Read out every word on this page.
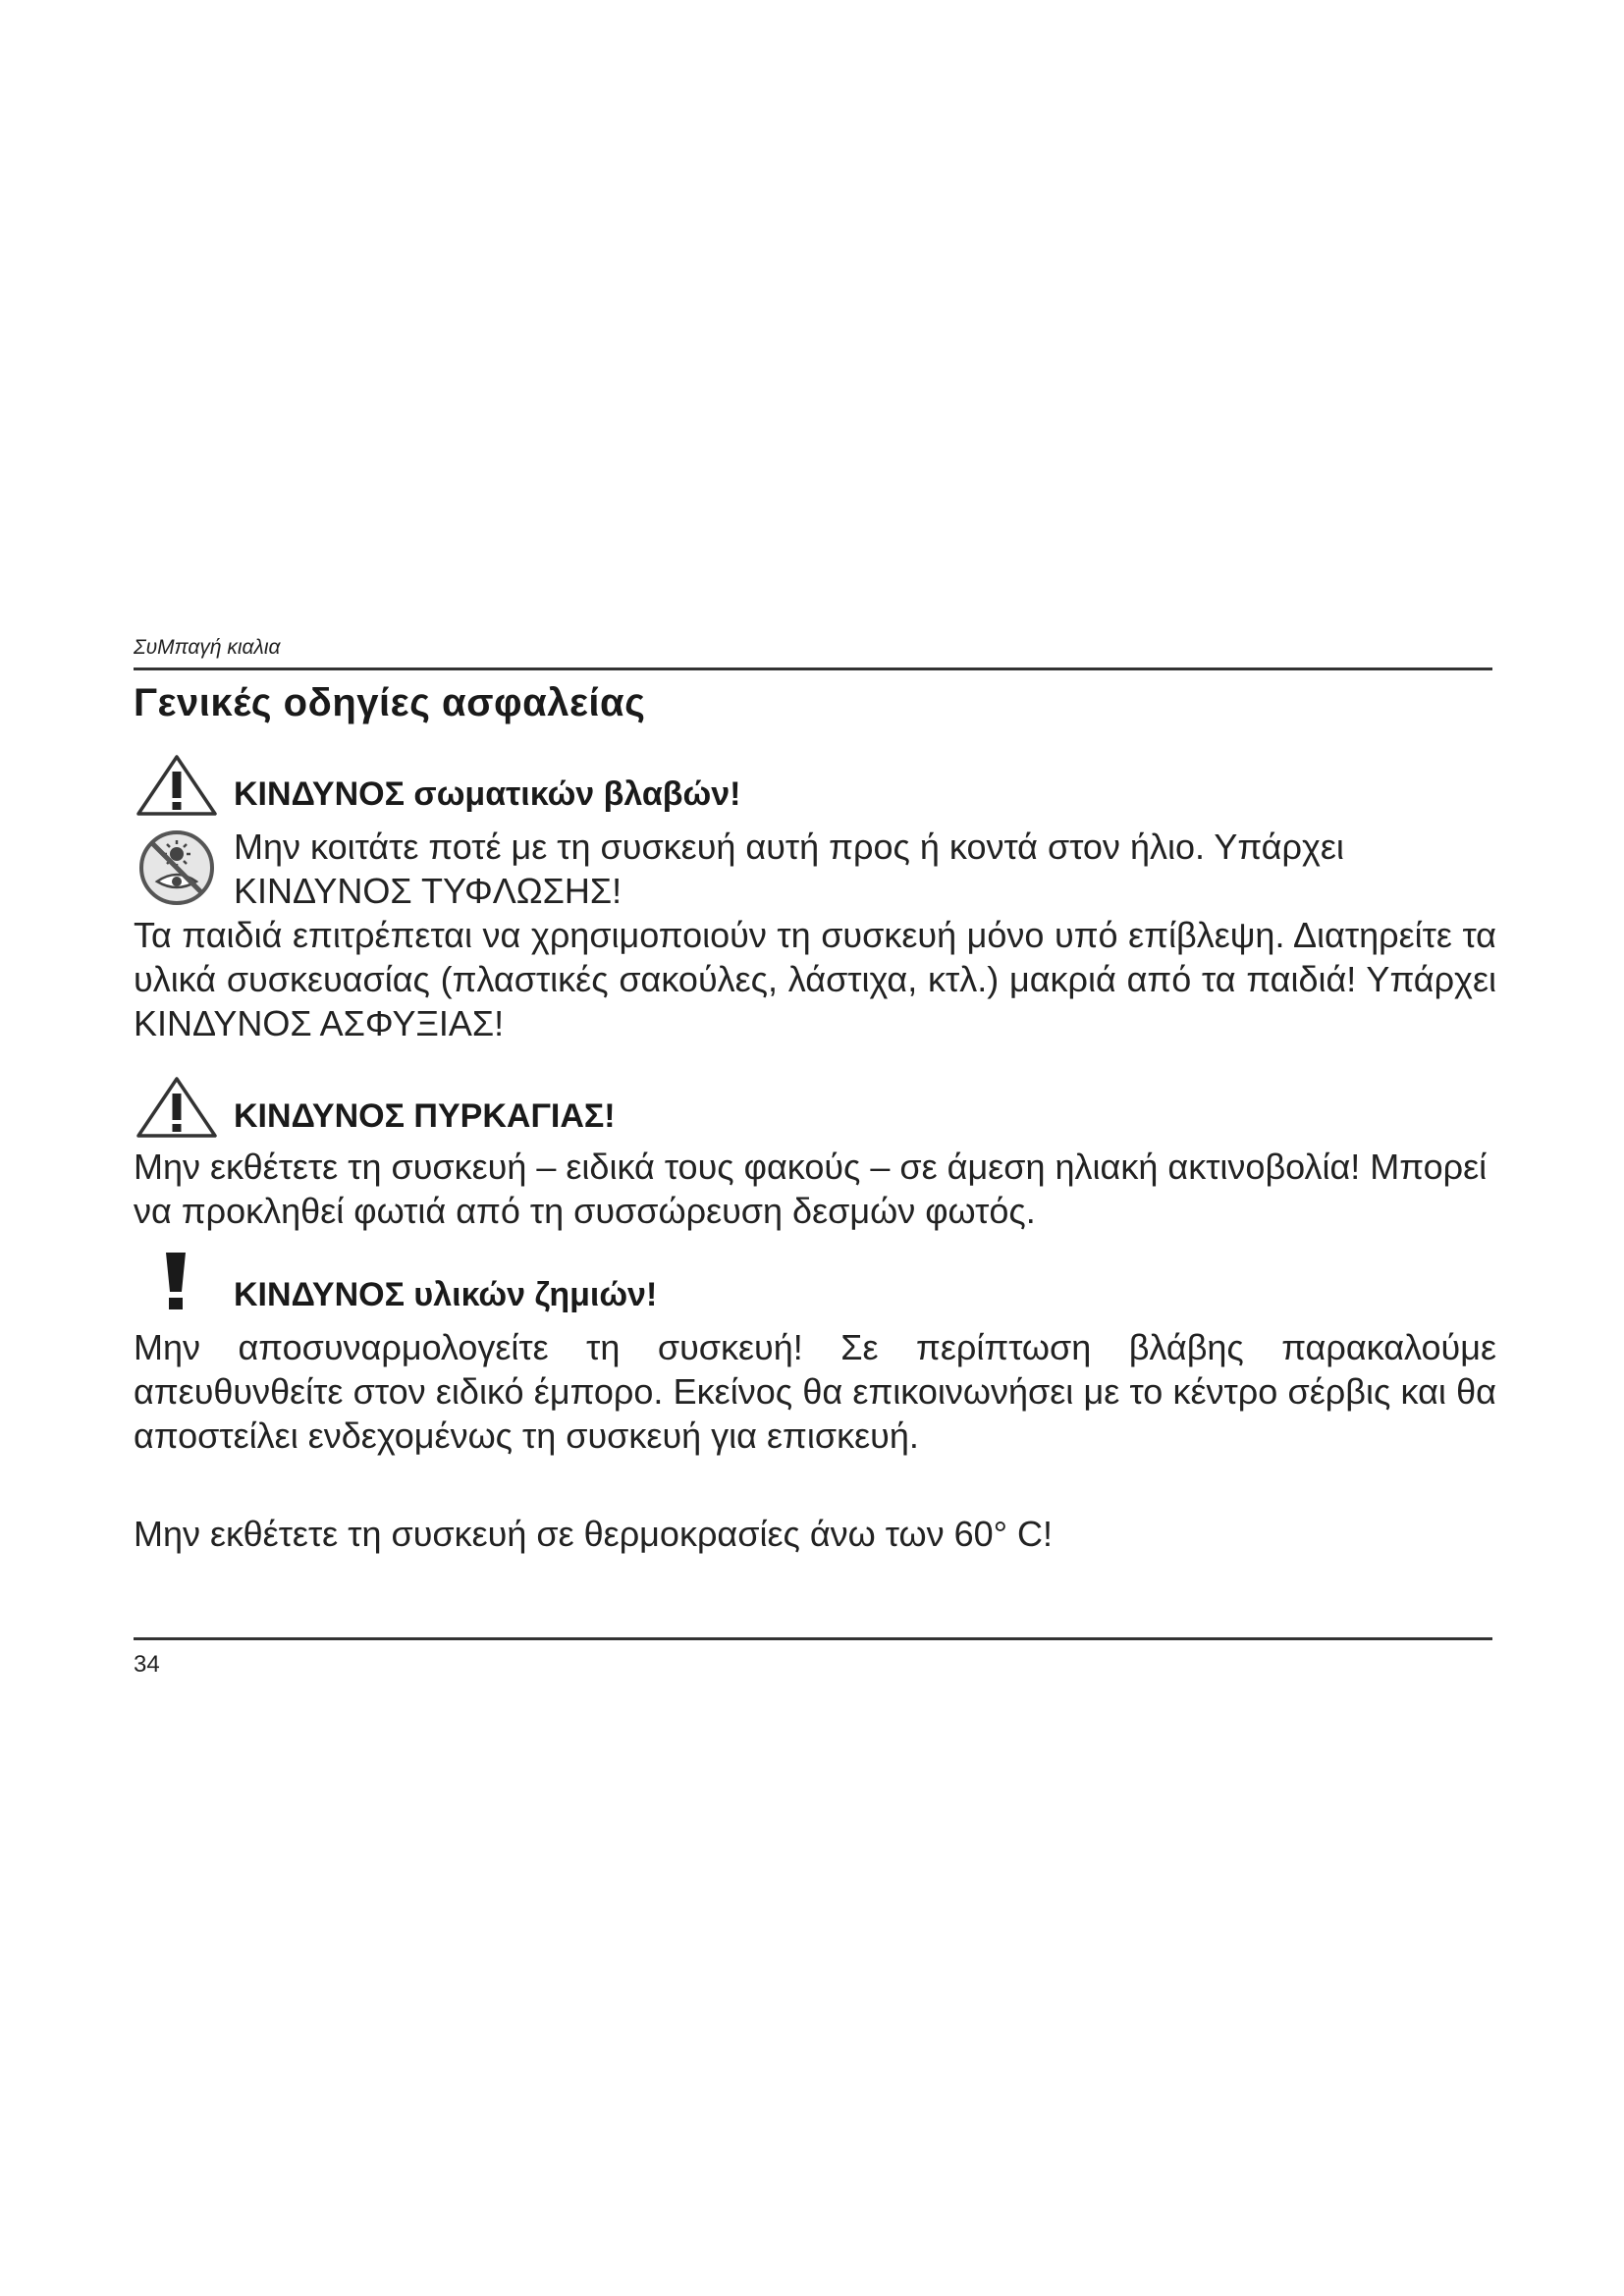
ΣυΜπαγή κιαλια
Γενικές οδηγίες ασφαλείας
ΚΙΝΔΥΝΟΣ σωματικών βλαβών!
Μην κοιτάτε ποτέ με τη συσκευή αυτή προς ή κοντά στον ήλιο. Υπάρχει ΚΙΝΔΥΝΟΣ ΤΥΦΛΩΣΗΣ!
Τα παιδιά επιτρέπεται να χρησιμοποιούν τη συσκευή μόνο υπό επίβλεψη. Διατηρείτε τα υλικά συσκευασίας (πλαστικές σακούλες, λάστιχα, κτλ.) μακριά από τα παιδιά! Υπάρχει ΚΙΝΔΥΝΟΣ ΑΣΦΥΞΙΑΣ!
ΚΙΝΔΥΝΟΣ ΠΥΡΚΑΓΙΑΣ!
Μην εκθέτετε τη συσκευή – ειδικά τους φακούς – σε άμεση ηλιακή ακτινοβολία! Μπορεί να προκληθεί φωτιά από τη συσσώρευση δεσμών φωτός.
ΚΙΝΔΥΝΟΣ υλικών ζημιών!
Μην αποσυναρμολογείτε τη συσκευή! Σε περίπτωση βλάβης παρακαλούμε απευθυνθείτε στον ειδικό έμπορο. Εκείνος θα επικοινωνήσει με το κέντρο σέρβις και θα αποστείλει ενδεχομένως τη συσκευή για επισκευή.
Μην εκθέτετε τη συσκευή σε θερμοκρασίες άνω των 60° C!
34
